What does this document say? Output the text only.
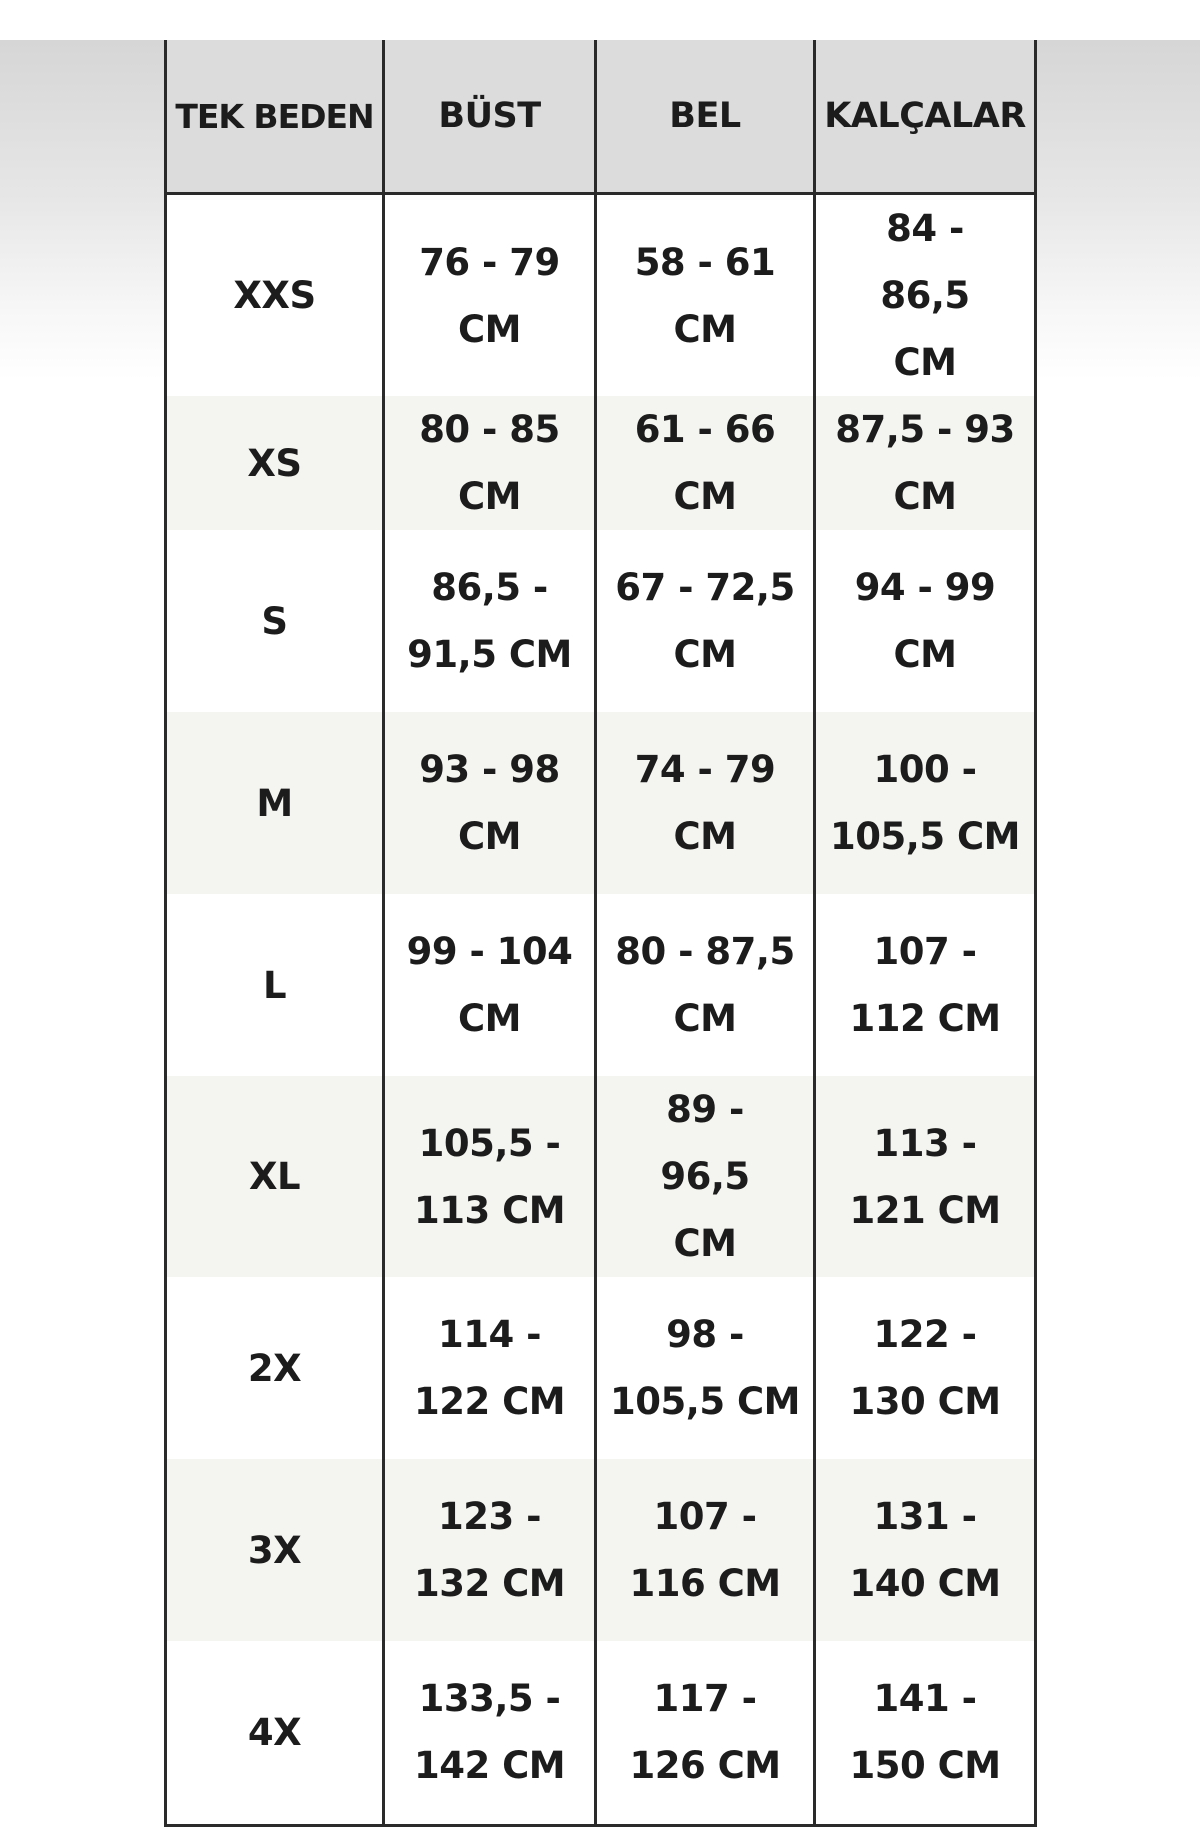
TEK BEDEN	BÜST	BEL	KALÇALAR
XXS	76 - 79 CM	58 - 61 CM	84 - 86,5 CM
XS	80 - 85 CM	61 - 66 CM	87,5 - 93 CM
S	86,5 - 91,5 CM	67 - 72,5 CM	94 - 99 CM
M	93 - 98 CM	74 - 79 CM	100 - 105,5 CM
L	99 - 104 CM	80 - 87,5 CM	107 - 112 CM
XL	105,5 - 113 CM	89 - 96,5 CM	113 - 121 CM
2X	114 - 122 CM	98 - 105,5 CM	122 - 130 CM
3X	123 - 132 CM	107 - 116 CM	131 - 140 CM
4X	133,5 - 142 CM	117 - 126 CM	141 - 150 CM
